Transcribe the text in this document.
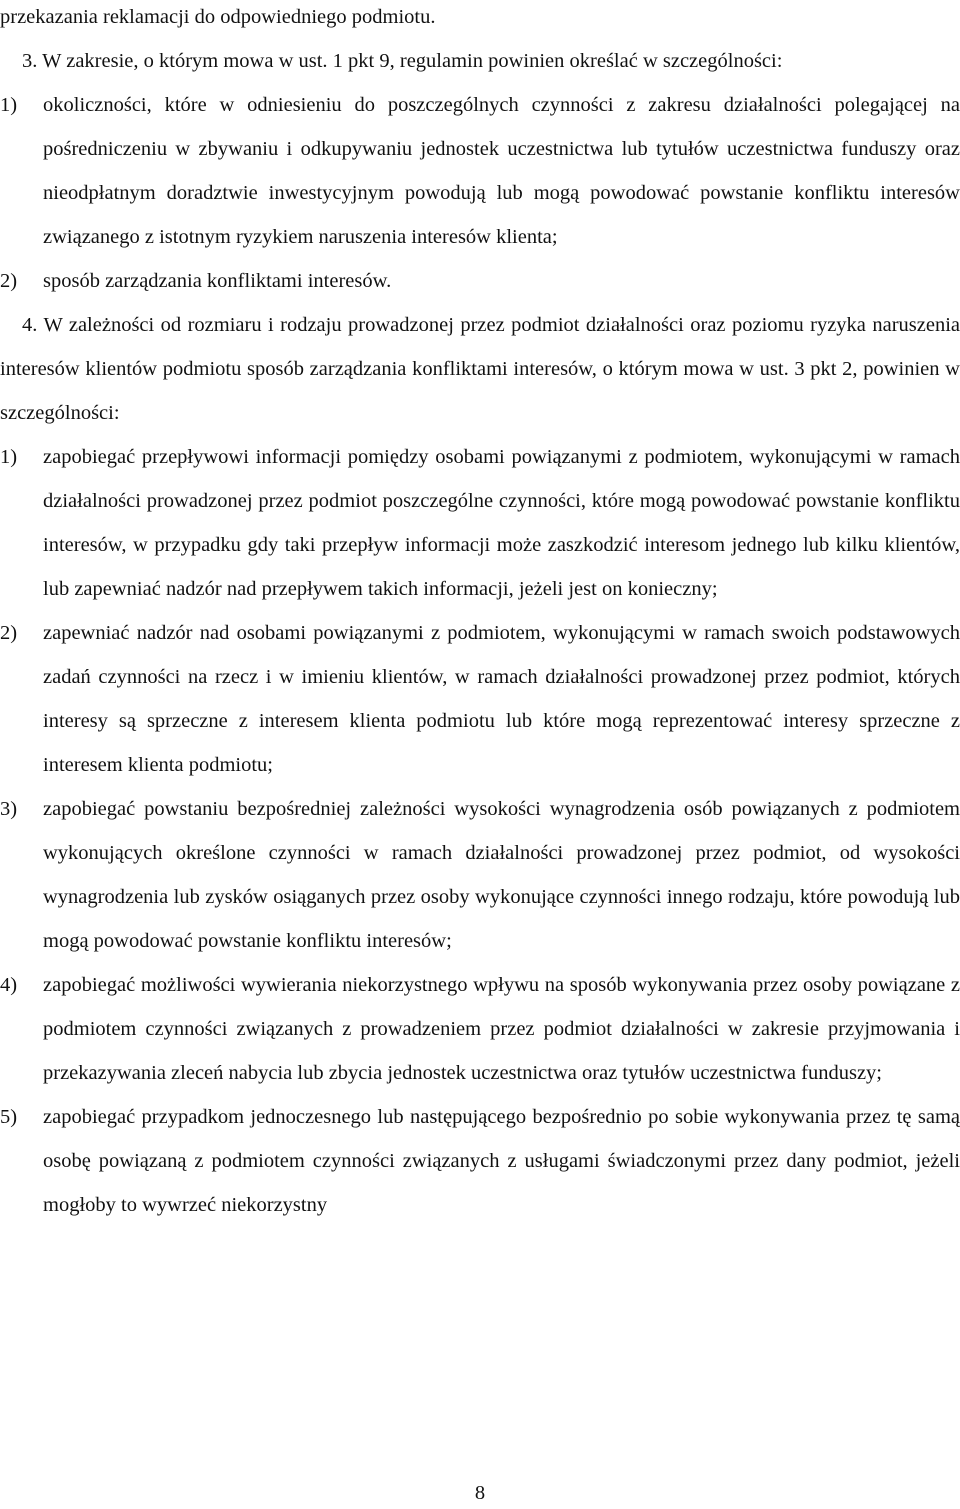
przekazania reklamacji do odpowiedniego podmiotu.

3. W zakresie, o którym mowa w ust. 1 pkt 9, regulamin powinien określać w szczególności:

1) okoliczności, które w odniesieniu do poszczególnych czynności z zakresu działalności polegającej na pośredniczeniu w zbywaniu i odkupywaniu jednostek uczestnictwa lub tytułów uczestnictwa funduszy oraz nieodpłatnym doradztwie inwestycyjnym powodują lub mogą powodować powstanie konfliktu interesów związanego z istotnym ryzykiem naruszenia interesów klienta;
2) sposób zarządzania konfliktami interesów.

4. W zależności od rozmiaru i rodzaju prowadzonej przez podmiot działalności oraz poziomu ryzyka naruszenia interesów klientów podmiotu sposób zarządzania konfliktami interesów, o którym mowa w ust. 3 pkt 2, powinien w szczególności:

1) zapobiegać przepływowi informacji pomiędzy osobami powiązanymi z podmiotem, wykonującymi w ramach działalności prowadzonej przez podmiot poszczególne czynności, które mogą powodować powstanie konfliktu interesów, w przypadku gdy taki przepływ informacji może zaszkodzić interesom jednego lub kilku klientów, lub zapewniać nadzór nad przepływem takich informacji, jeżeli jest on konieczny;
2) zapewniać nadzór nad osobami powiązanymi z podmiotem, wykonującymi w ramach swoich podstawowych zadań czynności na rzecz i w imieniu klientów, w ramach działalności prowadzonej przez podmiot, których interesy są sprzeczne z interesem klienta podmiotu lub które mogą reprezentować interesy sprzeczne z interesem klienta podmiotu;
3) zapobiegać powstaniu bezpośredniej zależności wysokości wynagrodzenia osób powiązanych z podmiotem wykonujących określone czynności w ramach działalności prowadzonej przez podmiot, od wysokości wynagrodzenia lub zysków osiąganych przez osoby wykonujące czynności innego rodzaju, które powodują lub mogą powodować powstanie konfliktu interesów;
4) zapobiegać możliwości wywierania niekorzystnego wpływu na sposób wykonywania przez osoby powiązane z podmiotem czynności związanych z prowadzeniem przez podmiot działalności w zakresie przyjmowania i przekazywania zleceń nabycia lub zbycia jednostek uczestnictwa oraz tytułów uczestnictwa funduszy;
5) zapobiegać przypadkom jednoczesnego lub następującego bezpośrednio po sobie wykonywania przez tę samą osobę powiązaną z podmiotem czynności związanych z usługami świadczonymi przez dany podmiot, jeżeli mogłoby to wywrzeć niekorzystny
8
